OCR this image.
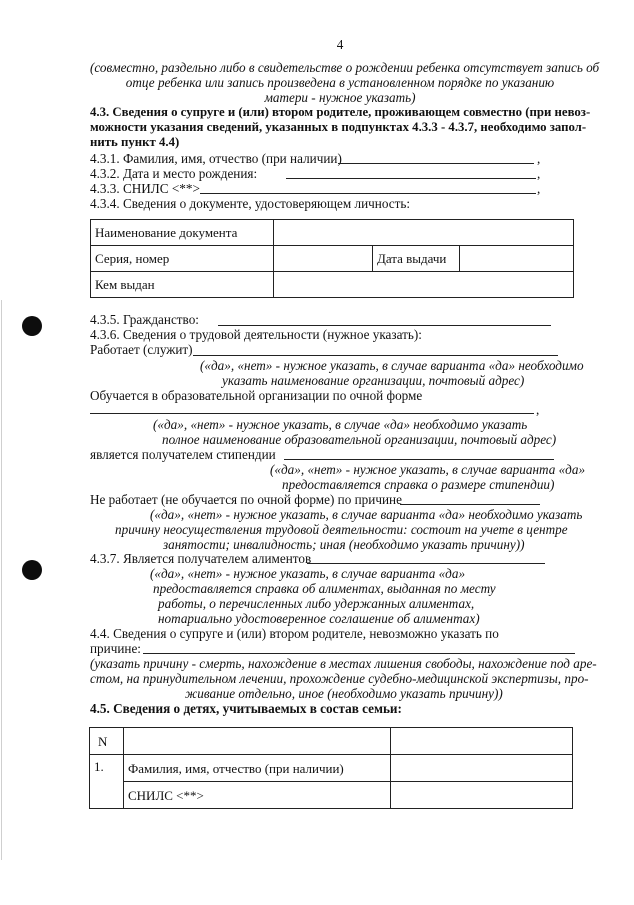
4
(совместно, раздельно либо в свидетельстве о рождении ребенка отсутствует запись об
отце ребенка или запись произведена в установленном порядке по указанию
матери - нужное указать)
4.3. Сведения о супруге и (или) втором родителе, проживающем совместно (при невоз-
можности указания сведений, указанных в подпунктах 4.3.3 - 4.3.7, необходимо запол-
нить пункт 4.4)
4.3.1. Фамилия, имя, отчество (при наличии)	,
4.3.2. Дата и место рождения:	,
4.3.3. СНИЛС <**>	,
4.3.4. Сведения о документе, удостоверяющем личность:
Наименование документа			
Серия, номер		Дата выдачи	
Кем выдан			
4.3.5. Гражданство:
4.3.6. Сведения о трудовой деятельности (нужное указать):
Работает (служит)
(«да», «нет» - нужное указать, в случае варианта «да» необходимо
указать наименование организации, почтовый адрес)
Обучается в образовательной организации по очной форме
,
(«да», «нет» - нужное указать, в случае «да» необходимо указать
полное наименование образовательной организации, почтовый адрес)
является получателем стипендии
(«да», «нет» - нужное указать, в случае варианта «да»
предоставляется справка о размере стипендии)
Не работает (не обучается по очной форме) по причине
(«да», «нет» - нужное указать, в случае варианта «да» необходимо указать
причину неосуществления трудовой деятельности: состоит на учете в центре
занятости; инвалидность; иная (необходимо указать причину))
4.3.7. Является получателем алиментов
(«да», «нет» - нужное указать, в случае варианта «да»
предоставляется справка об алиментах, выданная по месту
работы, о перечисленных либо удержанных алиментах,
нотариально удостоверенное соглашение об алиментах)
4.4. Сведения о супруге и (или) втором родителе, невозможно указать по
причине:
(указать причину - смерть, нахождение в местах лишения свободы, нахождение под аре-
стом, на принудительном лечении, прохождение судебно-медицинской экспертизы, про-
живание отдельно, иное (необходимо указать причину))
4.5. Сведения о детях, учитываемых в состав семьи:
N		
1.	Фамилия, имя, отчество (при наличии)	
	СНИЛС <**>	
